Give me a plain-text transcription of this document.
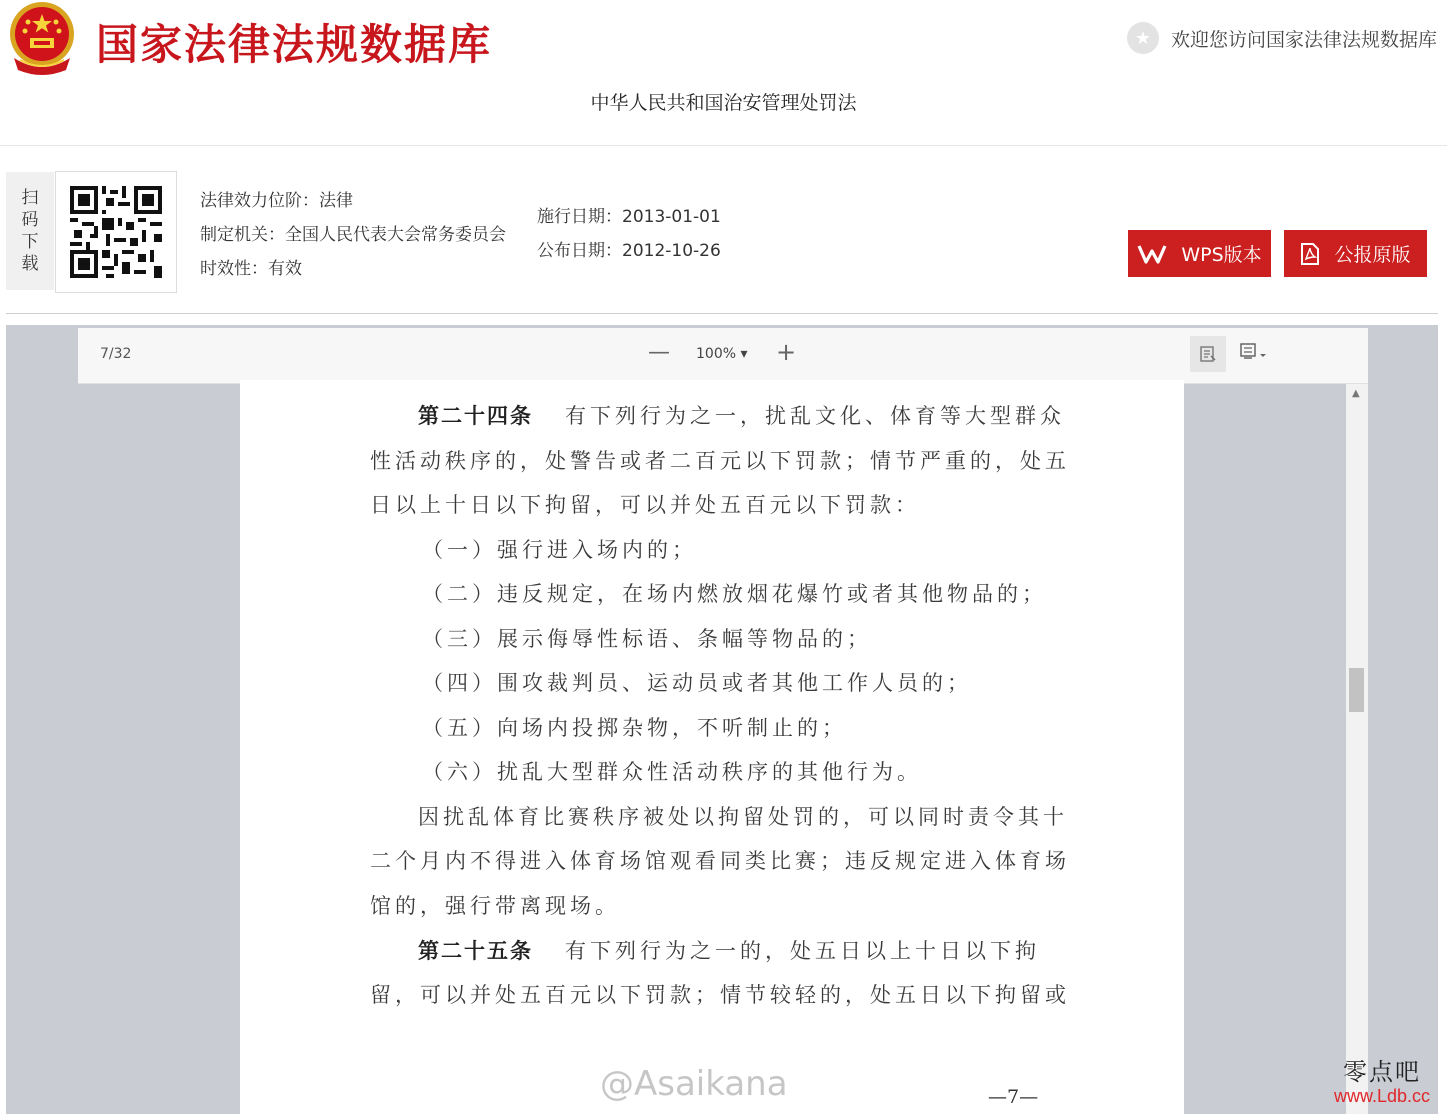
国家法律法规数据库	★	欢迎您访问国家法律法规数据库
中华人民共和国治安管理处罚法
扫
码
下
载
法律效力位阶：法律
制定机关：全国人民代表大会常务委员会
时效性：有效
施行日期：2013-01-01
公布日期：2012-10-26	WPS版本	公报原版
7/32	— 100% ▾ +
第二十四条 有下列行为之一，扰乱文化、体育等大型群众
性活动秩序的，处警告或者二百元以下罚款；情节严重的，处五
日以上十日以下拘留，可以并处五百元以下罚款：
（一）强行进入场内的；
（二）违反规定，在场内燃放烟花爆竹或者其他物品的；
（三）展示侮辱性标语、条幅等物品的；
（四）围攻裁判员、运动员或者其他工作人员的；
（五）向场内投掷杂物，不听制止的；
（六）扰乱大型群众性活动秩序的其他行为。
因扰乱体育比赛秩序被处以拘留处罚的，可以同时责令其十
二个月内不得进入体育场馆观看同类比赛；违反规定进入体育场
馆的，强行带离现场。
第二十五条 有下列行为之一的，处五日以上十日以下拘
留，可以并处五百元以下罚款；情节较轻的，处五日以下拘留或
@Asaikana	—7—
▲
零点吧
www.Ldb.cc
